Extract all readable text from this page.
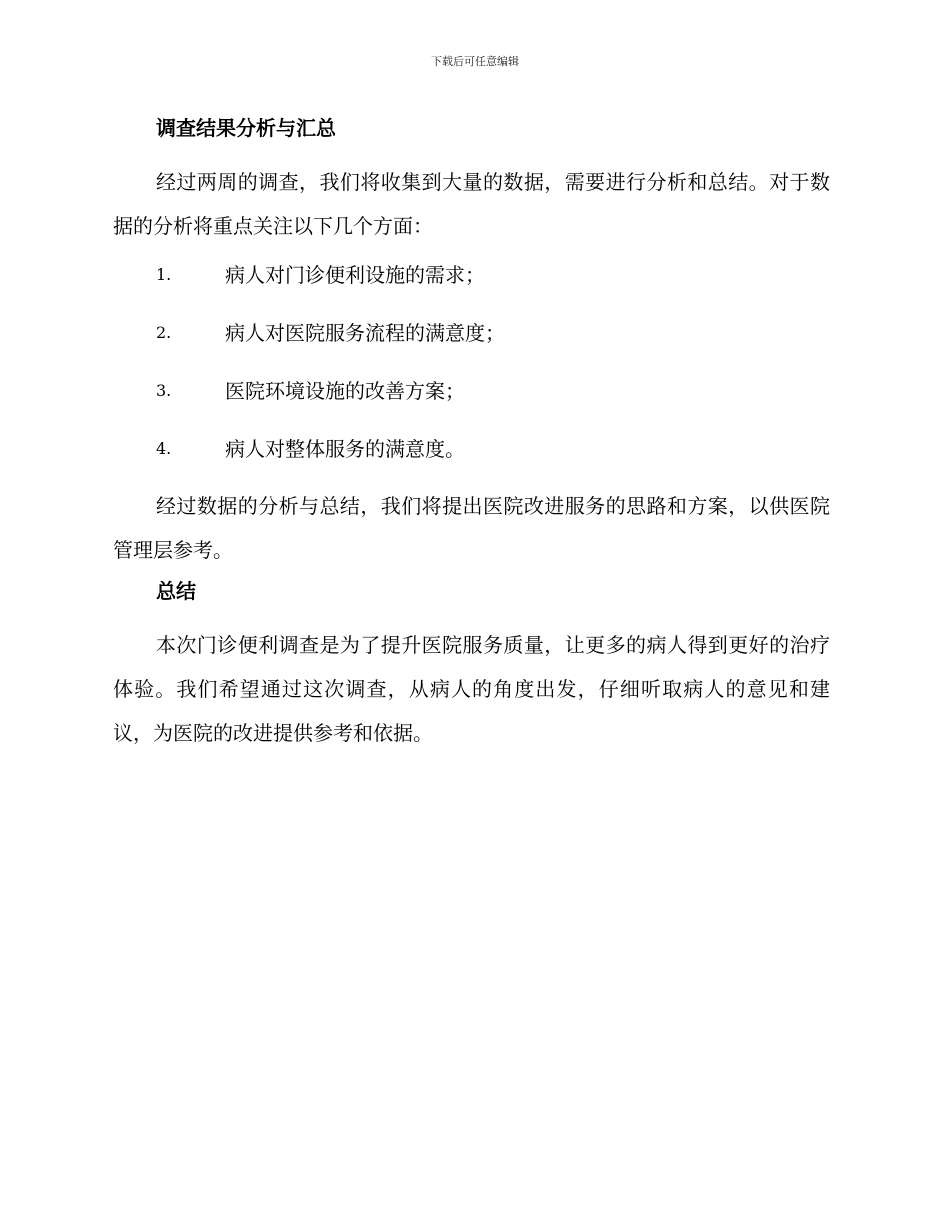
下载后可任意编辑
调查结果分析与汇总

经过两周的调查，我们将收集到大量的数据，需要进行分析和总结。对于数据的分析将重点关注以下几个方面：

1.	病人对门诊便利设施的需求；
2.	病人对医院服务流程的满意度；
3.	医院环境设施的改善方案；
4.	病人对整体服务的满意度。

经过数据的分析与总结，我们将提出医院改进服务的思路和方案，以供医院管理层参考。

总结

本次门诊便利调查是为了提升医院服务质量，让更多的病人得到更好的治疗体验。我们希望通过这次调查，从病人的角度出发，仔细听取病人的意见和建议，为医院的改进提供参考和依据。
